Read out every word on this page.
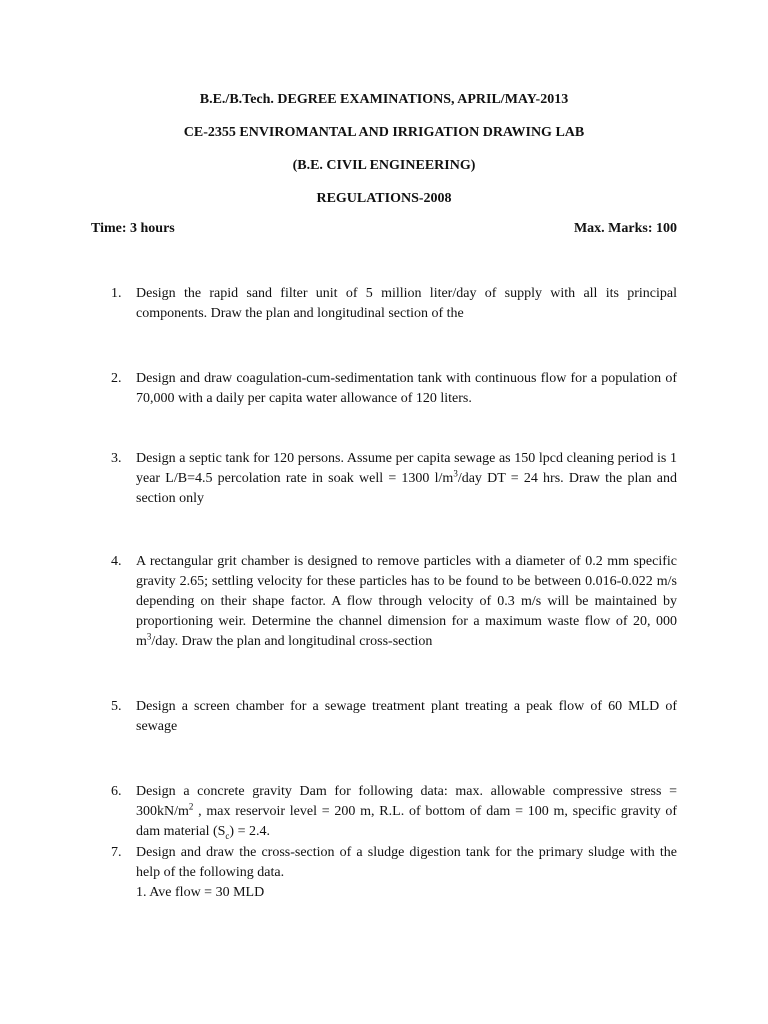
B.E./B.Tech. DEGREE EXAMINATIONS, APRIL/MAY-2013
CE-2355 ENVIROMANTAL AND IRRIGATION DRAWING LAB
(B.E. CIVIL ENGINEERING)
REGULATIONS-2008
Time: 3 hours	Max. Marks: 100
1. Design the rapid sand filter unit of 5 million liter/day of supply with all its principal components. Draw the plan and longitudinal section of the
2. Design and draw coagulation-cum-sedimentation tank with continuous flow for a population of 70,000 with a daily per capita water allowance of 120 liters.
3. Design a septic tank for 120 persons. Assume per capita sewage as 150 lpcd cleaning period is 1 year L/B=4.5 percolation rate in soak well = 1300 $l/m^3$/day DT = 24 hrs. Draw the plan and section only
4. A rectangular grit chamber is designed to remove particles with a diameter of 0.2 mm specific gravity 2.65; settling velocity for these particles has to be found to be between 0.016-0.022 m/s depending on their shape factor. A flow through velocity of 0.3 m/s will be maintained by proportioning weir. Determine the channel dimension for a maximum waste flow of 20, 000 $m^3$/day. Draw the plan and longitudinal cross-section
5. Design a screen chamber for a sewage treatment plant treating a peak flow of 60 MLD of sewage
6. Design a concrete gravity Dam for following data: max. allowable compressive stress = $300kN/m^2$ , max reservoir level = 200 m, R.L. of bottom of dam = 100 m, specific gravity of dam material $(S_c) = 2.4$.
7. Design and draw the cross-section of a sludge digestion tank for the primary sludge with the help of the following data.
1. Ave flow = 30 MLD
